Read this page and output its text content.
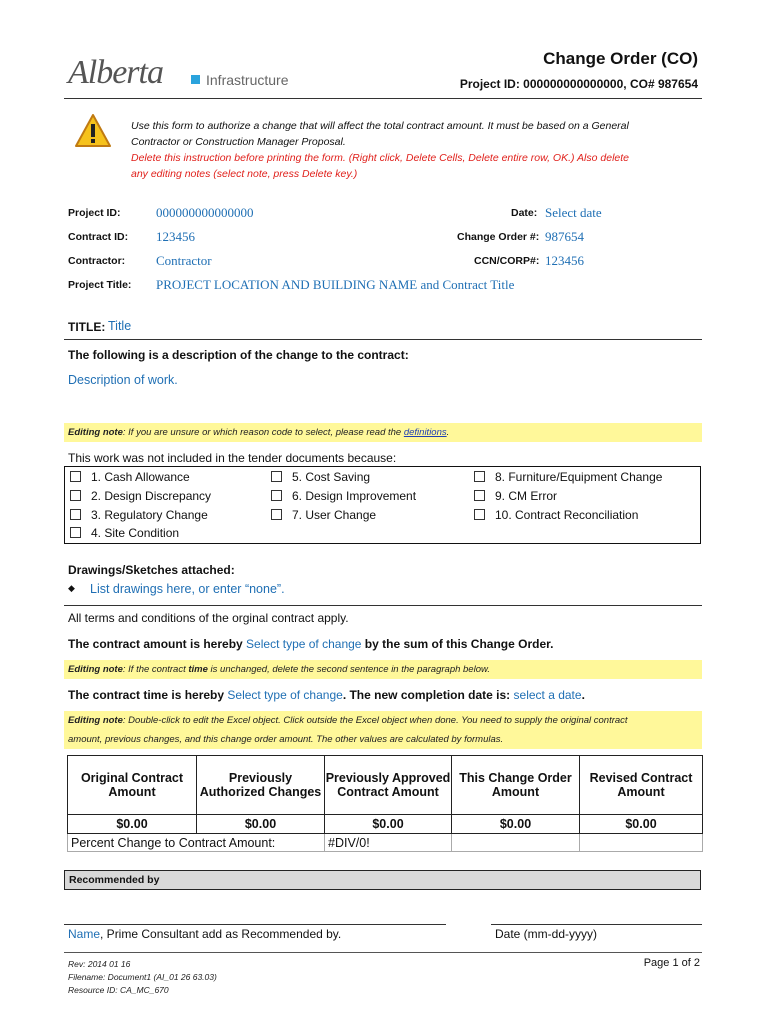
Alberta	Infrastructure
Change Order (CO)
Project ID: 000000000000000, CO# 987654
Use this form to authorize a change that will affect the total contract amount. It must be based on a General
Contractor or Construction Manager Proposal.
Delete this instruction before printing the form. (Right click, Delete Cells, Delete entire row, OK.) Also delete
any editing notes (select note, press Delete key.)
Project ID:	000000000000000
Contract ID: 123456
Contractor: Contractor
Project Title: PROJECT LOCATION AND BUILDING NAME and Contract Title
Date: Select date
Change Order #: 987654
CCN/CORP#: 123456
TITLE: Title
The following is a description of the change to the contract:
Description of work.
Editing note: If you are unsure or which reason code to select, please read the definitions.
This work was not included in the tender documents because:
1. Cash Allowance
2. Design Discrepancy
3. Regulatory Change
4. Site Condition
5. Cost Saving
6. Design Improvement
7. User Change
8. Furniture/Equipment Change
9. CM Error
10. Contract Reconciliation
Drawings/Sketches attached:
◆ List drawings here, or enter “none”.
All terms and conditions of the orginal contract apply.
The contract amount is hereby Select type of change by the sum of this Change Order.
Editing note: If the contract time is unchanged, delete the second sentence in the paragraph below.
The contract time is hereby Select type of change. The new completion date is: select a date.
Editing note: Double-click to edit the Excel object. Click outside the Excel object when done. You need to supply the original contract
amount, previous changes, and this change order amount. The other values are calculated by formulas.
Original Contract Amount	Previously Authorized Changes	Previously Approved Contract Amount	This Change Order Amount	Revised Contract Amount
$0.00	$0.00	$0.00	$0.00	$0.00
Percent Change to Contract Amount:		#DIV/0!		
Recommended by
Name, Prime Consultant add as Recommended by.	Date (mm-dd-yyyy)
Rev: 2014 01 16
Filename: Document1 (AI_01 26 63.03)
Resource ID: CA_MC_670
Page 1 of 2
